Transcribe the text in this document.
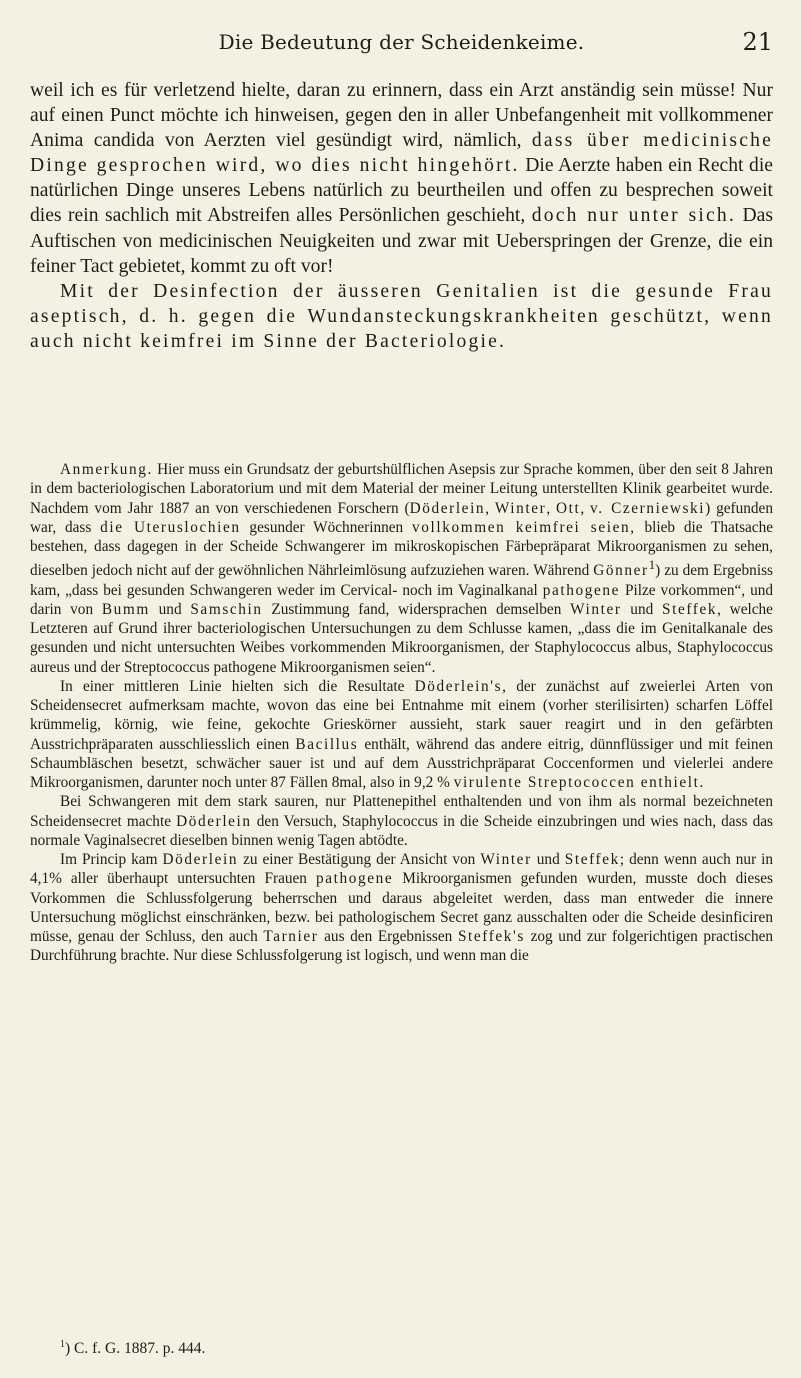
Die Bedeutung der Scheidenkeime.	21

weil ich es für verletzend hielte, daran zu erinnern, dass ein Arzt anständig sein müsse! Nur auf einen Punct möchte ich hinweisen, gegen den in aller Unbefangenheit mit vollkommener Anima candida von Aerzten viel gesündigt wird, nämlich, dass über medicinische Dinge gesprochen wird, wo dies nicht hingehört. Die Aerzte haben ein Recht die natürlichen Dinge unseres Lebens natürlich zu beurtheilen und offen zu besprechen soweit dies rein sachlich mit Abstreifen alles Persönlichen geschieht, doch nur unter sich. Das Auftischen von medicinischen Neuigkeiten und zwar mit Ueberspringen der Grenze, die ein feiner Tact gebietet, kommt zu oft vor!

Mit der Desinfection der äusseren Genitalien ist die gesunde Frau aseptisch, d. h. gegen die Wundansteckungskrankheiten geschützt, wenn auch nicht keimfrei im Sinne der Bacteriologie.

Anmerkung. Hier muss ein Grundsatz der geburtshülflichen Asepsis zur Sprache kommen, über den seit 8 Jahren in dem bacteriologischen Laboratorium und mit dem Material der meiner Leitung unterstellten Klinik gearbeitet wurde. Nachdem vom Jahr 1887 an von verschiedenen Forschern (Döderlein, Winter, Ott, v. Czerniewski) gefunden war, dass die Uteruslochien gesunder Wöchnerinnen vollkommen keimfrei seien, blieb die Thatsache bestehen, dass dagegen in der Scheide Schwangerer im mikroskopischen Färbepräparat Mikroorganismen zu sehen, dieselben jedoch nicht auf der gewöhnlichen Nährleimlösung aufzuziehen waren. Während Gönner$^1$) zu dem Ergebniss kam, „dass bei gesunden Schwangeren weder im Cervical- noch im Vaginalkanal pathogene Pilze vorkommen“, und darin von Bumm und Samschin Zustimmung fand, widersprachen demselben Winter und Steffek, welche Letzteren auf Grund ihrer bacteriologischen Untersuchungen zu dem Schlusse kamen, „dass die im Genitalkanale des gesunden und nicht untersuchten Weibes vorkommenden Mikroorganismen, der Staphylococcus albus, Staphylococcus aureus und der Streptococcus pathogene Mikroorganismen seien“.

In einer mittleren Linie hielten sich die Resultate Döderlein's, der zunächst auf zweierlei Arten von Scheidensecret aufmerksam machte, wovon das eine bei Entnahme mit einem (vorher sterilisirten) scharfen Löffel krümmelig, körnig, wie feine, gekochte Grieskörner aussieht, stark sauer reagirt und in den gefärbten Ausstrichpräparaten ausschliesslich einen Bacillus enthält, während das andere eitrig, dünnflüssiger und mit feinen Schaumbläschen besetzt, schwächer sauer ist und auf dem Ausstrichpräparat Coccenformen und vielerlei andere Mikroorganismen, darunter noch unter 87 Fällen 8mal, also in 9,2 % virulente Streptococcen enthielt.

Bei Schwangeren mit dem stark sauren, nur Plattenepithel enthaltenden und von ihm als normal bezeichneten Scheidensecret machte Döderlein den Versuch, Staphylococcus in die Scheide einzubringen und wies nach, dass das normale Vaginalsecret dieselben binnen wenig Tagen abtödte.

Im Princip kam Döderlein zu einer Bestätigung der Ansicht von Winter und Steffek; denn wenn auch nur in 4,1% aller überhaupt untersuchten Frauen pathogene Mikroorganismen gefunden wurden, musste doch dieses Vorkommen die Schlussfolgerung beherrschen und daraus abgeleitet werden, dass man entweder die innere Untersuchung möglichst einschränken, bezw. bei pathologischem Secret ganz ausschalten oder die Scheide desinficiren müsse, genau der Schluss, den auch Tarnier aus den Ergebnissen Steffek's zog und zur folgerichtigen practischen Durchführung brachte. Nur diese Schlussfolgerung ist logisch, und wenn man die

$^1$) C. f. G. 1887. p. 444.
